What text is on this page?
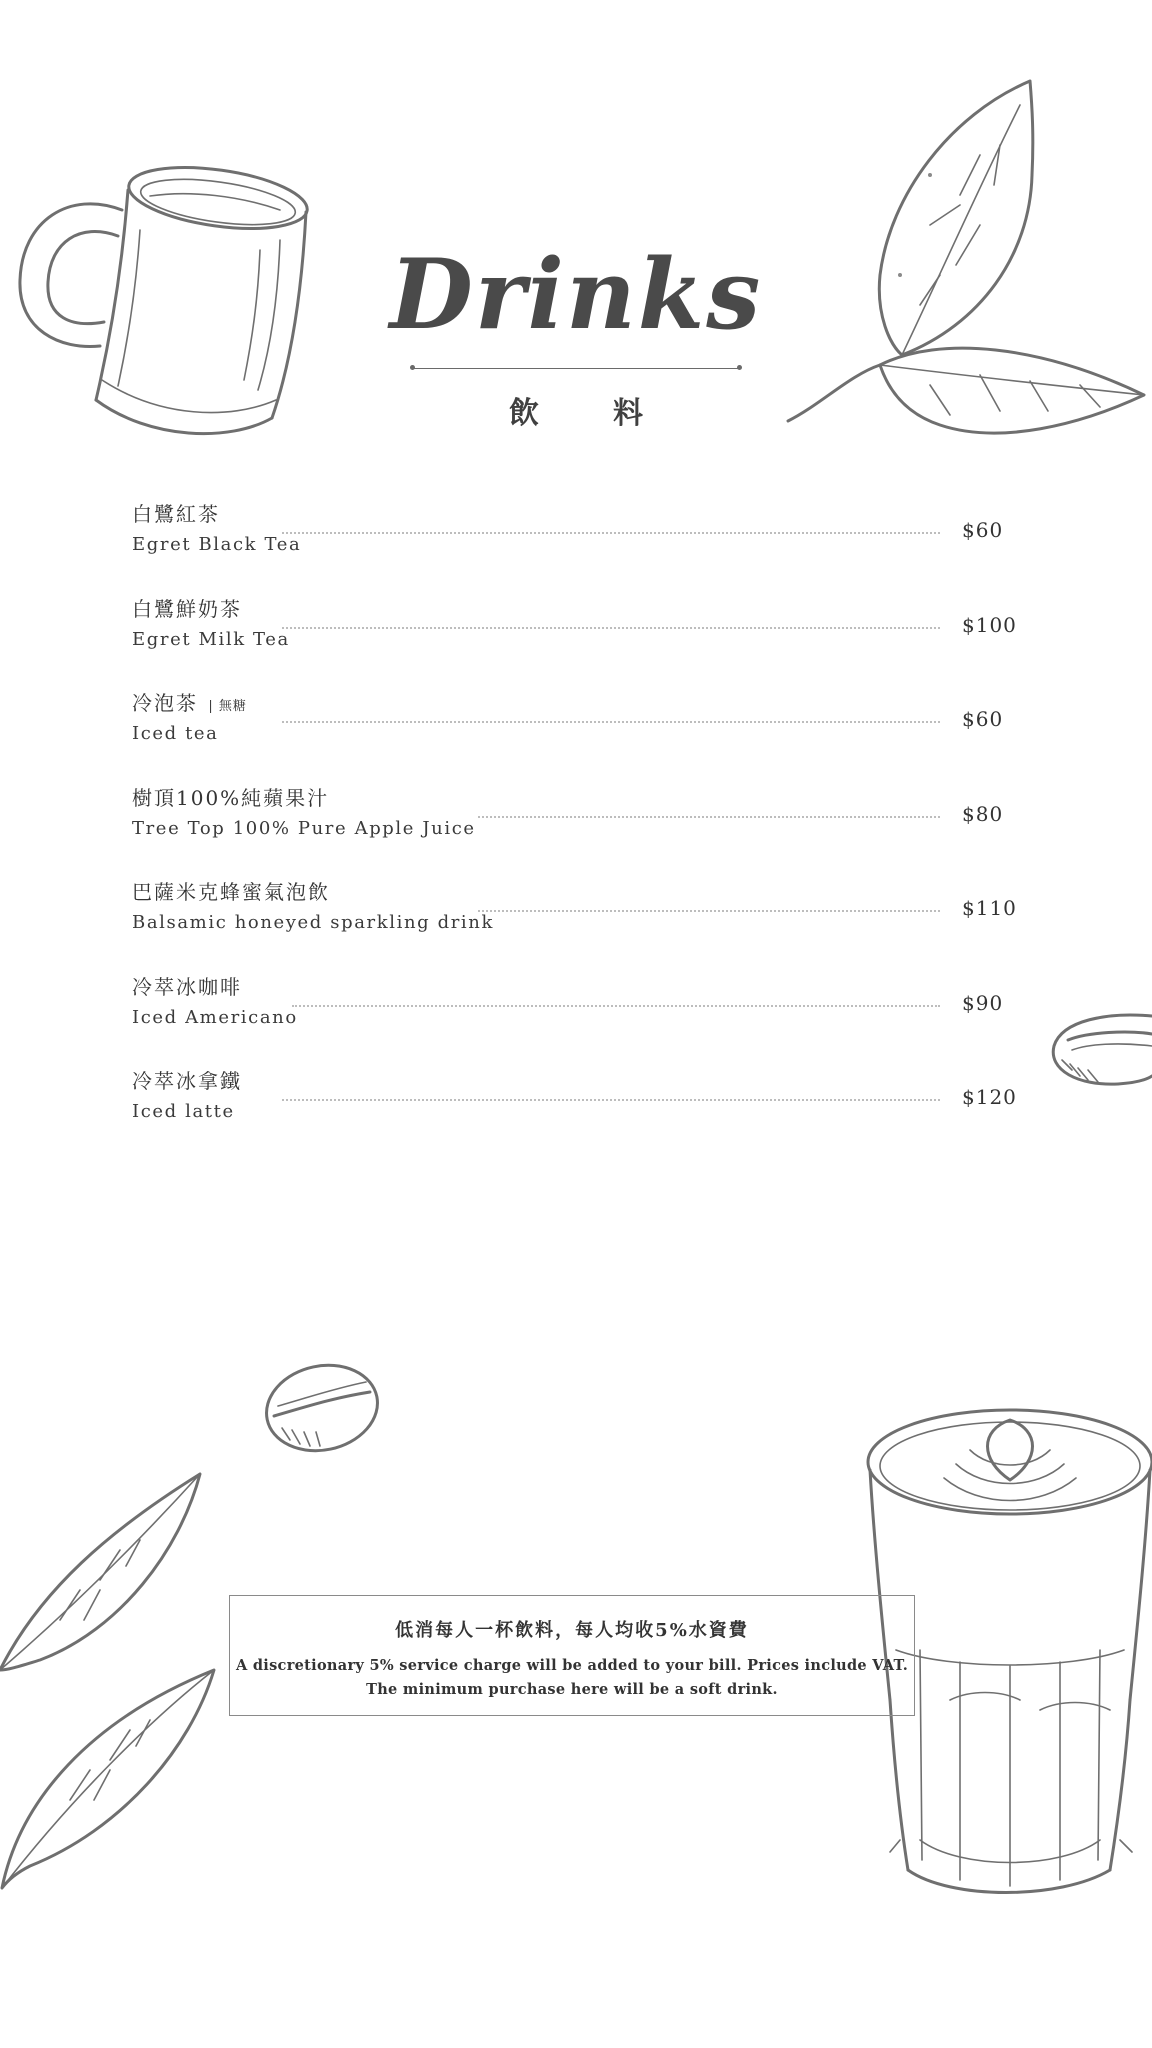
Drinks
飲料
白鷺紅茶
Egret Black Tea
$60
白鷺鮮奶茶
Egret Milk Tea
$100
冷泡茶 | 無糖
Iced tea
$60
樹頂100%純蘋果汁
Tree Top 100% Pure Apple Juice
$80
巴薩米克蜂蜜氣泡飲
Balsamic honeyed sparkling drink
$110
冷萃冰咖啡
Iced Americano
$90
冷萃冰拿鐵
Iced latte
$120
低消每人一杯飲料，每人均收5%水資費
A discretionary 5% service charge will be added to your bill. Prices include VAT.
The minimum purchase here will be a soft drink.
